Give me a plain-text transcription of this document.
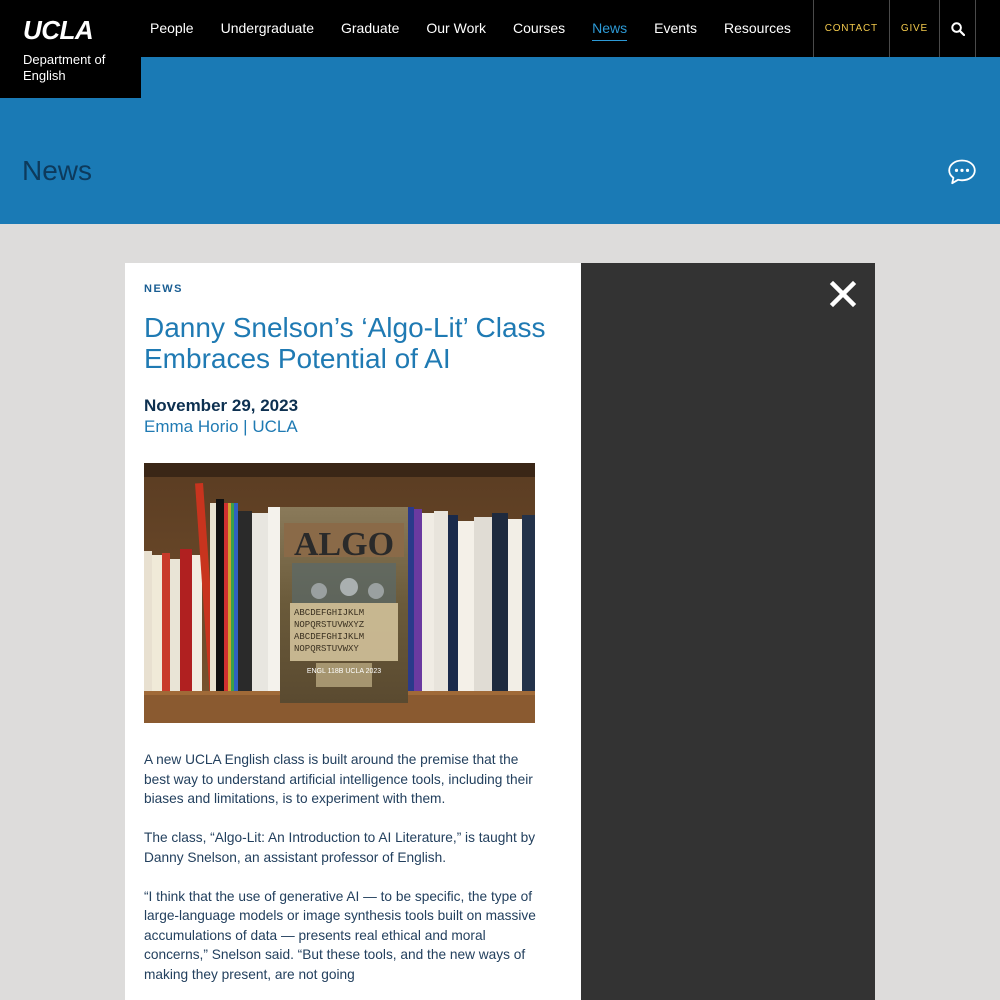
People Undergraduate Graduate Our Work Courses News Events Resources	CONTACT	GIVE
UCLA
Department of English
News
NEWS
Danny Snelson’s ‘Algo-Lit’ Class Embraces Potential of AI
November 29, 2023
Emma Horio | UCLA
ALGO
ABCDEFGHIJKLM
NOPQRSTUVWXYZ
ABCDEFGHIJKLM
NOPQRSTUVWXY
ENGL 118B UCLA 2023

A new UCLA English class is built around the premise that the best way to understand artificial intelligence tools, including their biases and limitations, is to experiment with them.

The class, “Algo-Lit: An Introduction to AI Literature,” is taught by Danny Snelson, an assistant professor of English.

“I think that the use of generative AI — to be specific, the type of large-language models or image synthesis tools built on massive accumulations of data — presents real ethical and moral concerns,” Snelson said. “But these tools, and the new ways of making they present, are not going
